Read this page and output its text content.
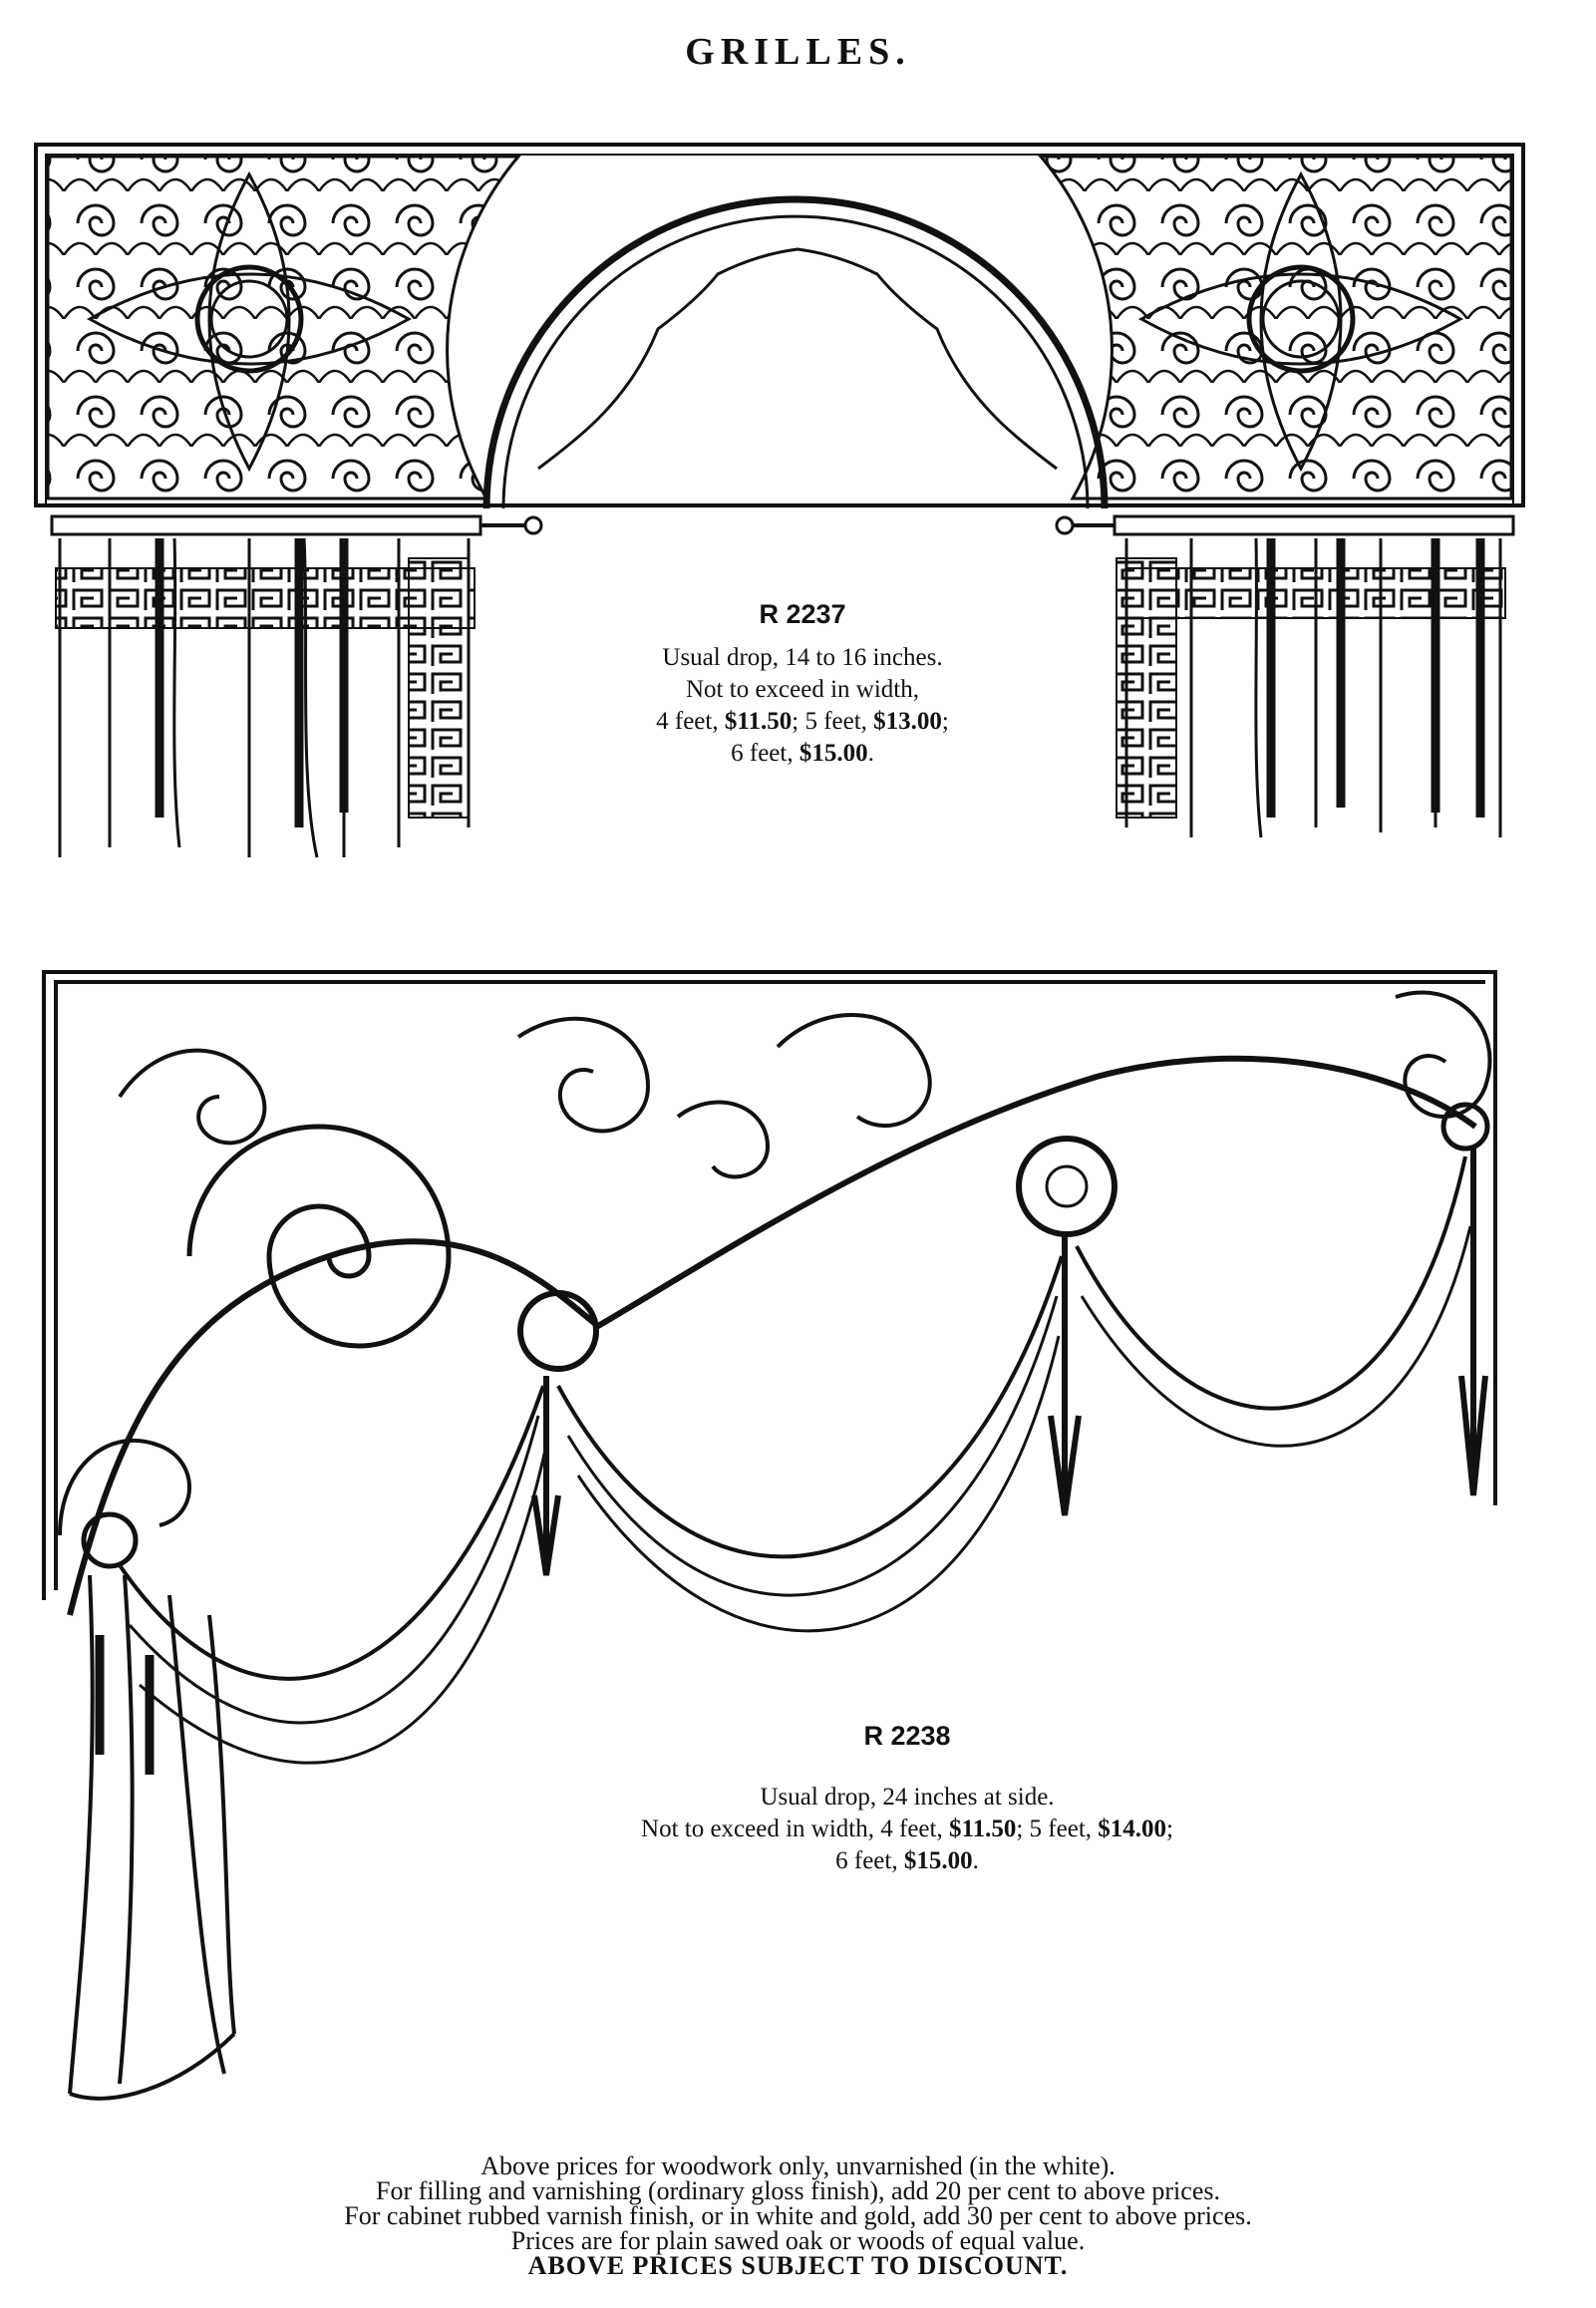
GRILLES.
R 2237
Usual drop, 14 to 16 inches.
Not to exceed in width,
4 feet, $11.50; 5 feet, $13.00;
6 feet, $15.00.
R 2238
Usual drop, 24 inches at side.
Not to exceed in width, 4 feet, $11.50; 5 feet, $14.00;
6 feet, $15.00.
Above prices for woodwork only, unvarnished (in the white).
For filling and varnishing (ordinary gloss finish), add 20 per cent to above prices.
For cabinet rubbed varnish finish, or in white and gold, add 30 per cent to above prices.
Prices are for plain sawed oak or woods of equal value.
ABOVE PRICES SUBJECT TO DISCOUNT.
